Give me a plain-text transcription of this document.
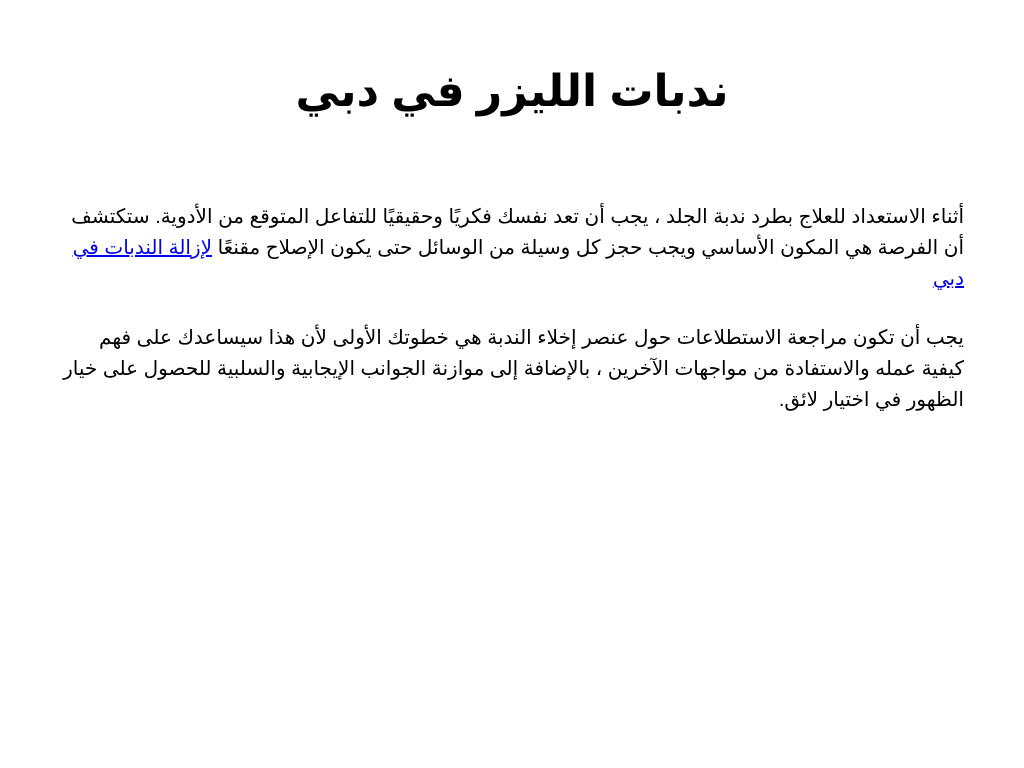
ندبات الليزر في دبي

أثناء الاستعداد للعلاج بطرد ندبة الجلد ، يجب أن تعد نفسك فكريًا وحقيقيًا للتفاعل المتوقع من الأدوية. ستكتشف أن الفرصة هي المكون الأساسي ويجب حجز كل وسيلة من الوسائل حتى يكون الإصلاح مقنعًا لإزالة الندبات في دبي

يجب أن تكون مراجعة الاستطلاعات حول عنصر إخلاء الندبة هي خطوتك الأولى لأن هذا سيساعدك على فهم كيفية عمله والاستفادة من مواجهات الآخرين ، بالإضافة إلى موازنة الجوانب الإيجابية والسلبية للحصول على خيار الظهور في اختيار لائق.
